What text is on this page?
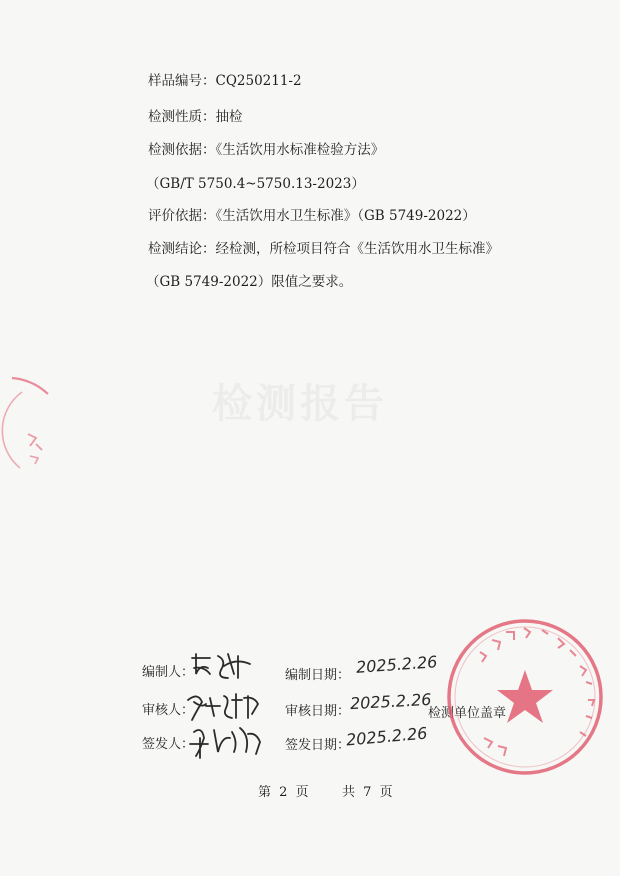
检测报告
样品编号：CQ250211-2
检测性质：抽检
检测依据：《生活饮用水标准检验方法》
（GB/T 5750.4~5750.13-2023）
评价依据：《生活饮用水卫生标准》（GB 5749-2022）
检测结论：经检测，所检项目符合《生活饮用水卫生标准》
（GB 5749-2022）限值之要求。
编制人：	编制日期： 2025.2.26
审核人：	审核日期： 2025.2.26
检测单位盖章
签发人：	签发日期：
2025.2.26
第 2 页	共 7 页
